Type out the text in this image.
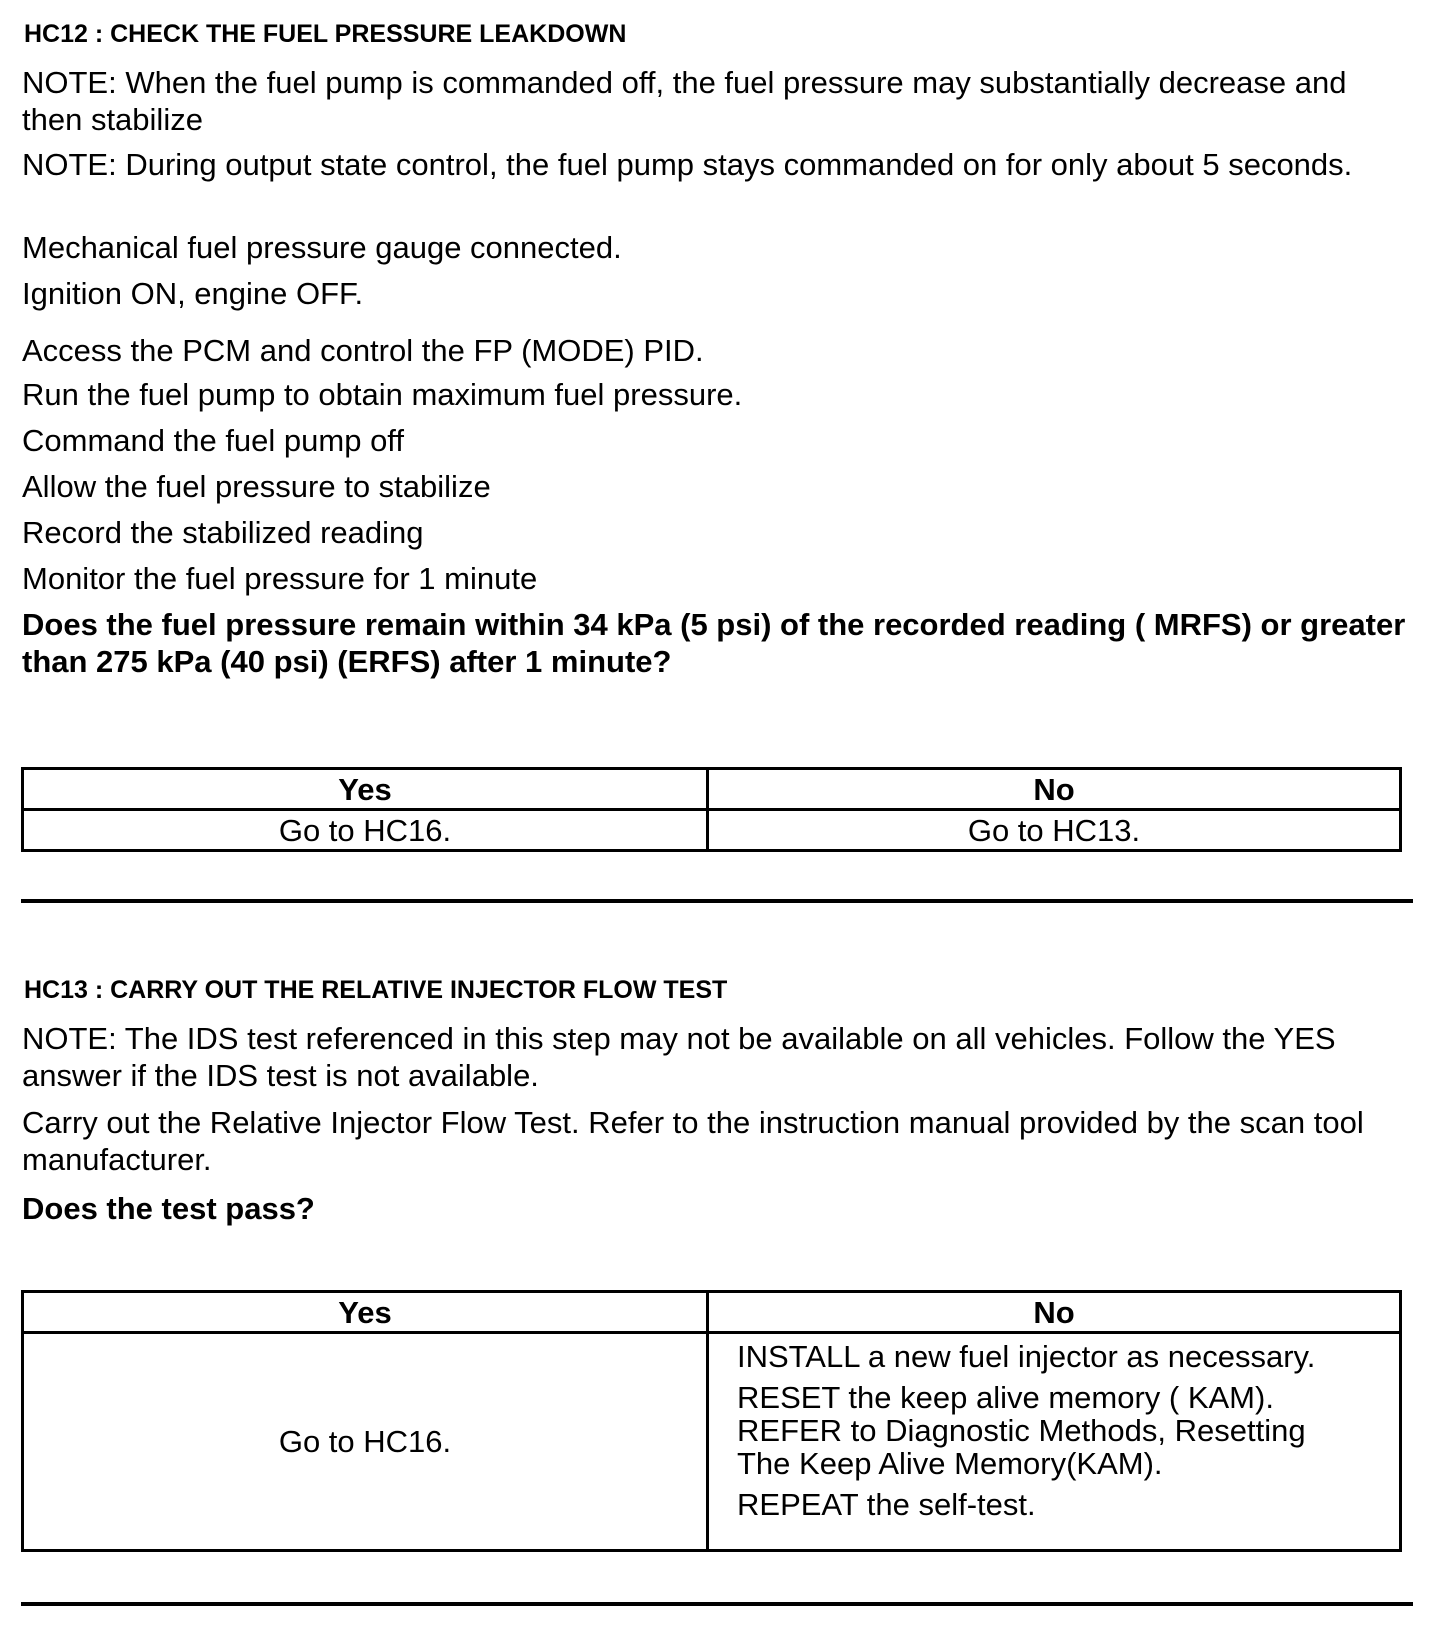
HC12 : CHECK THE FUEL PRESSURE LEAKDOWN
NOTE: When the fuel pump is commanded off, the fuel pressure may substantially decrease and then stabilize
NOTE: During output state control, the fuel pump stays commanded on for only about 5 seconds.
Mechanical fuel pressure gauge connected.
Ignition ON, engine OFF.
Access the PCM and control the FP (MODE) PID.
Run the fuel pump to obtain maximum fuel pressure.
Command the fuel pump off
Allow the fuel pressure to stabilize
Record the stabilized reading
Monitor the fuel pressure for 1 minute
Does the fuel pressure remain within 34 kPa (5 psi) of the recorded reading ( MRFS) or greater than 275 kPa (40 psi) (ERFS) after 1 minute?
Yes	No
Go to HC16.	Go to HC13.
HC13 : CARRY OUT THE RELATIVE INJECTOR FLOW TEST
NOTE: The IDS test referenced in this step may not be available on all vehicles. Follow the YES answer if the IDS test is not available.
Carry out the Relative Injector Flow Test. Refer to the instruction manual provided by the scan tool manufacturer.
Does the test pass?
Yes	No
Go to HC16.	INSTALL a new fuel injector as necessary.
RESET the keep alive memory ( KAM).
REFER to Diagnostic Methods, Resetting
The Keep Alive Memory(KAM).
REPEAT the self-test.
